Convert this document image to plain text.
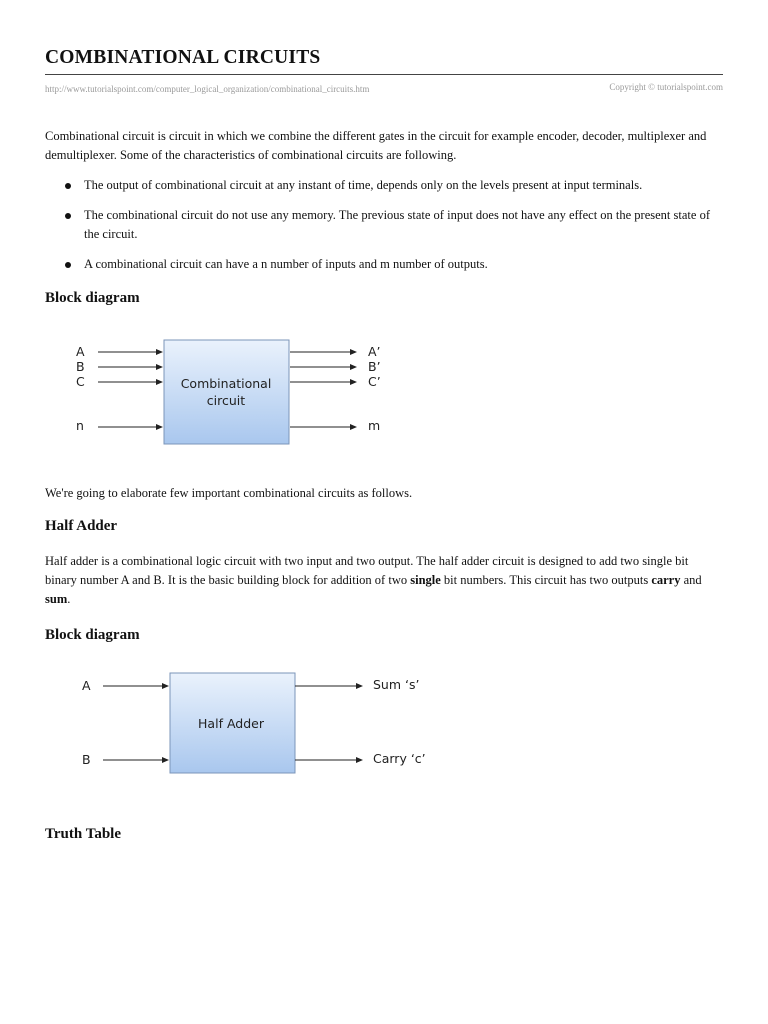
COMBINATIONAL CIRCUITS
http://www.tutorialspoint.com/computer_logical_organization/combinational_circuits.htm	Copyright © tutorialspoint.com

Combinational circuit is circuit in which we combine the different gates in the circuit for example encoder, decoder, multiplexer and demultiplexer. Some of the characteristics of combinational circuits are following.

The output of combinational circuit at any instant of time, depends only on the levels present at input terminals.
The combinational circuit do not use any memory. The previous state of input does not have any effect on the present state of the circuit.
A combinational circuit can have a n number of inputs and m number of outputs.
Block diagram
Combinational
circuit
A
B
C
n
A’
B’
C’
m

We're going to elaborate few important combinational circuits as follows.

Half Adder

Half adder is a combinational logic circuit with two input and two output. The half adder circuit is designed to add two single bit binary number A and B. It is the basic building block for addition of two single bit numbers. This circuit has two outputs carry and sum.

Block diagram
Half Adder
A
B
Sum ‘s’
Carry ‘c’
Truth Table
